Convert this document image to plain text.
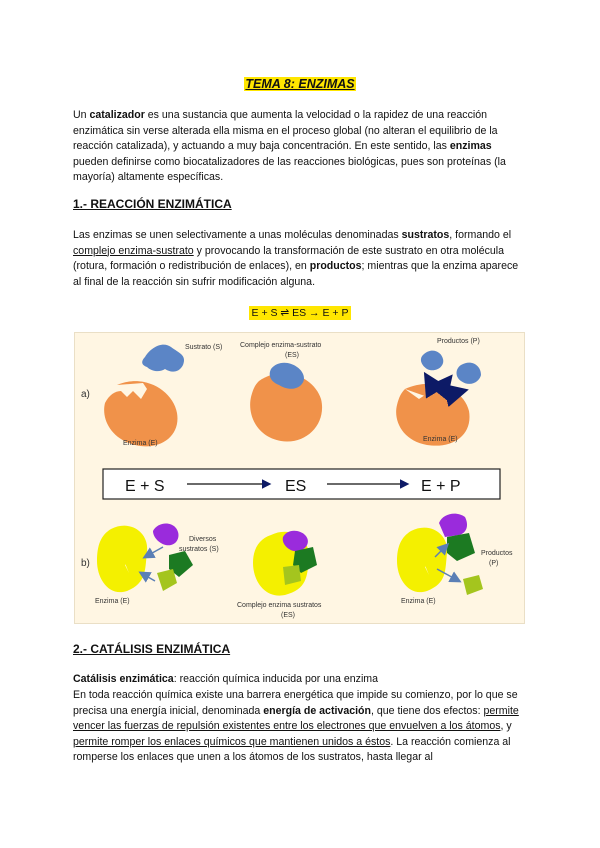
TEMA 8: ENZIMAS

Un catalizador es una sustancia que aumenta la velocidad o la rapidez de una reacción enzimática sin verse alterada ella misma en el proceso global (no alteran el equilibrio de la reacción catalizada), y actuando a muy baja concentración. En este sentido, las enzimas pueden definirse como biocatalizadores de las reacciones biológicas, pues son proteínas (la mayoría) altamente específicas.

1.- REACCIÓN ENZIMÁTICA

Las enzimas se unen selectivamente a unas moléculas denominadas sustratos, formando el complejo enzima-sustrato y provocando la transformación de este sustrato en otra molécula (rotura, formación o redistribución de enlaces), en productos; mientras que la enzima aparece al final de la reacción sin sufrir modificación alguna.

E + S ⇌ ES → E + P
a)
b)
Sustrato (S)
Enzima (E)
Complejo enzima-sustrato
(ES)
Productos (P)
Enzima (E)
E + S	ES	E + P
Diversos
sustratos (S)
Enzima (E)
Complejo enzima sustratos
(ES)
Productos
(P)
Enzima (E)
2.- CATÁLISIS ENZIMÁTICA

Catálisis enzimática: reacción química inducida por una enzima

En toda reacción química existe una barrera energética que impide su comienzo, por lo que se precisa una energía inicial, denominada energía de activación, que tiene dos efectos: permite vencer las fuerzas de repulsión existentes entre los electrones que envuelven a los átomos, y permite romper los enlaces químicos que mantienen unidos a éstos. La reacción comienza al romperse los enlaces que unen a los átomos de los sustratos, hasta llegar al
